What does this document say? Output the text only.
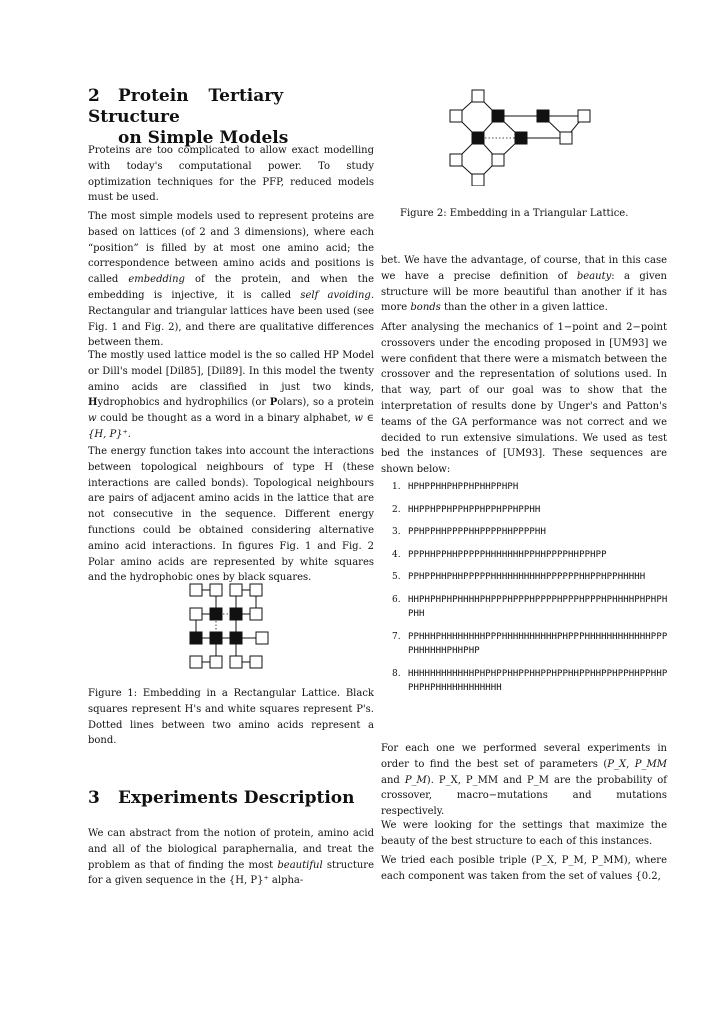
2 Protein Tertiary Structure
on Simple Models

Proteins are too complicated to allow exact modelling with today's computational power. To study optimization techniques for the PFP, reduced models must be used.

The most simple models used to represent proteins are based on lattices (of 2 and 3 dimensions), where each “position” is filled by at most one amino acid; the correspondence between amino acids and positions is called embedding of the protein, and when the embedding is injective, it is called self avoiding. Rectangular and triangular lattices have been used (see Fig. 1 and Fig. 2), and there are qualitative differences between them.

The mostly used lattice model is the so called HP Model or Dill's model [Dil85], [Dil89]. In this model the twenty amino acids are classified in just two kinds, Hydrophobics and hydrophilics (or Polars), so a protein w could be thought as a word in a binary alphabet, w ∈ {H, P}⁺.

The energy function takes into account the interactions between topological neighbours of type H (these interactions are called bonds). Topological neighbours are pairs of adjacent amino acids in the lattice that are not consecutive in the sequence. Different energy functions could be obtained considering alternative amino acid interactions. In figures Fig. 1 and Fig. 2 Polar amino acids are represented by white squares and the hydrophobic ones by black squares.

Figure 1: Embedding in a Rectangular Lattice. Black squares represent H's and white squares represent P's. Dotted lines between two amino acids represent a bond.

3 Experiments Description

We can abstract from the notion of protein, amino acid and all of the biological paraphernalia, and treat the problem as that of finding the most beautiful structure for a given sequence in the {H, P}⁺ alpha-

Figure 2: Embedding in a Triangular Lattice.

bet. We have the advantage, of course, that in this case we have a precise definition of beauty: a given structure will be more beautiful than another if it has more bonds than the other in a given lattice.

After analysing the mechanics of 1−point and 2−point crossovers under the encoding proposed in [UM93] we were confident that there were a mismatch between the crossover and the representation of solutions used. In that way, part of our goal was to show that the interpretation of results done by Unger's and Patton's teams of the GA performance was not correct and we decided to run extensive simulations. We used as test bed the instances of [UM93]. These sequences are shown below:

1. HPHPPHHPHPPHPHHPPHPH
2. HHPPHPPHPPHPPHPPHPPHPPHH
3. PPHPPHHPPPPHHPPPPHHPPPPHH
4. PPPHHPPHHPPPPPHHHHHHHPPHHPPPPHHPPHPP
5. PPHPPHHPHHPPPPPHHHHHHHHHHPPPPPPHHPPHPPHHHHH
6. HHPHPHPHPHHHHPHPPPHPPPHPPPPHPPPHPPPHPHHHHPHPHPHPHH
7. PPHHHPHHHHHHHHPPPHHHHHHHHHHPHPPPHHHHHHHHHHHHPPPPHHHHHHPHHPHP
8. HHHHHHHHHHHHPHPHPPHHPPHHPPHPPHHPPHHPPHPPHHPPHHPPHPHPHHHHHHHHHHHH

For each one we performed several experiments in order to find the best set of parameters (P_X, P_MM and P_M). P_X, P_MM and P_M are the probability of crossover, macro−mutations and mutations respectively.

We were looking for the settings that maximize the beauty of the best structure to each of this instances.

We tried each posible triple (P_X, P_M, P_MM), where each component was taken from the set of values {0.2,
